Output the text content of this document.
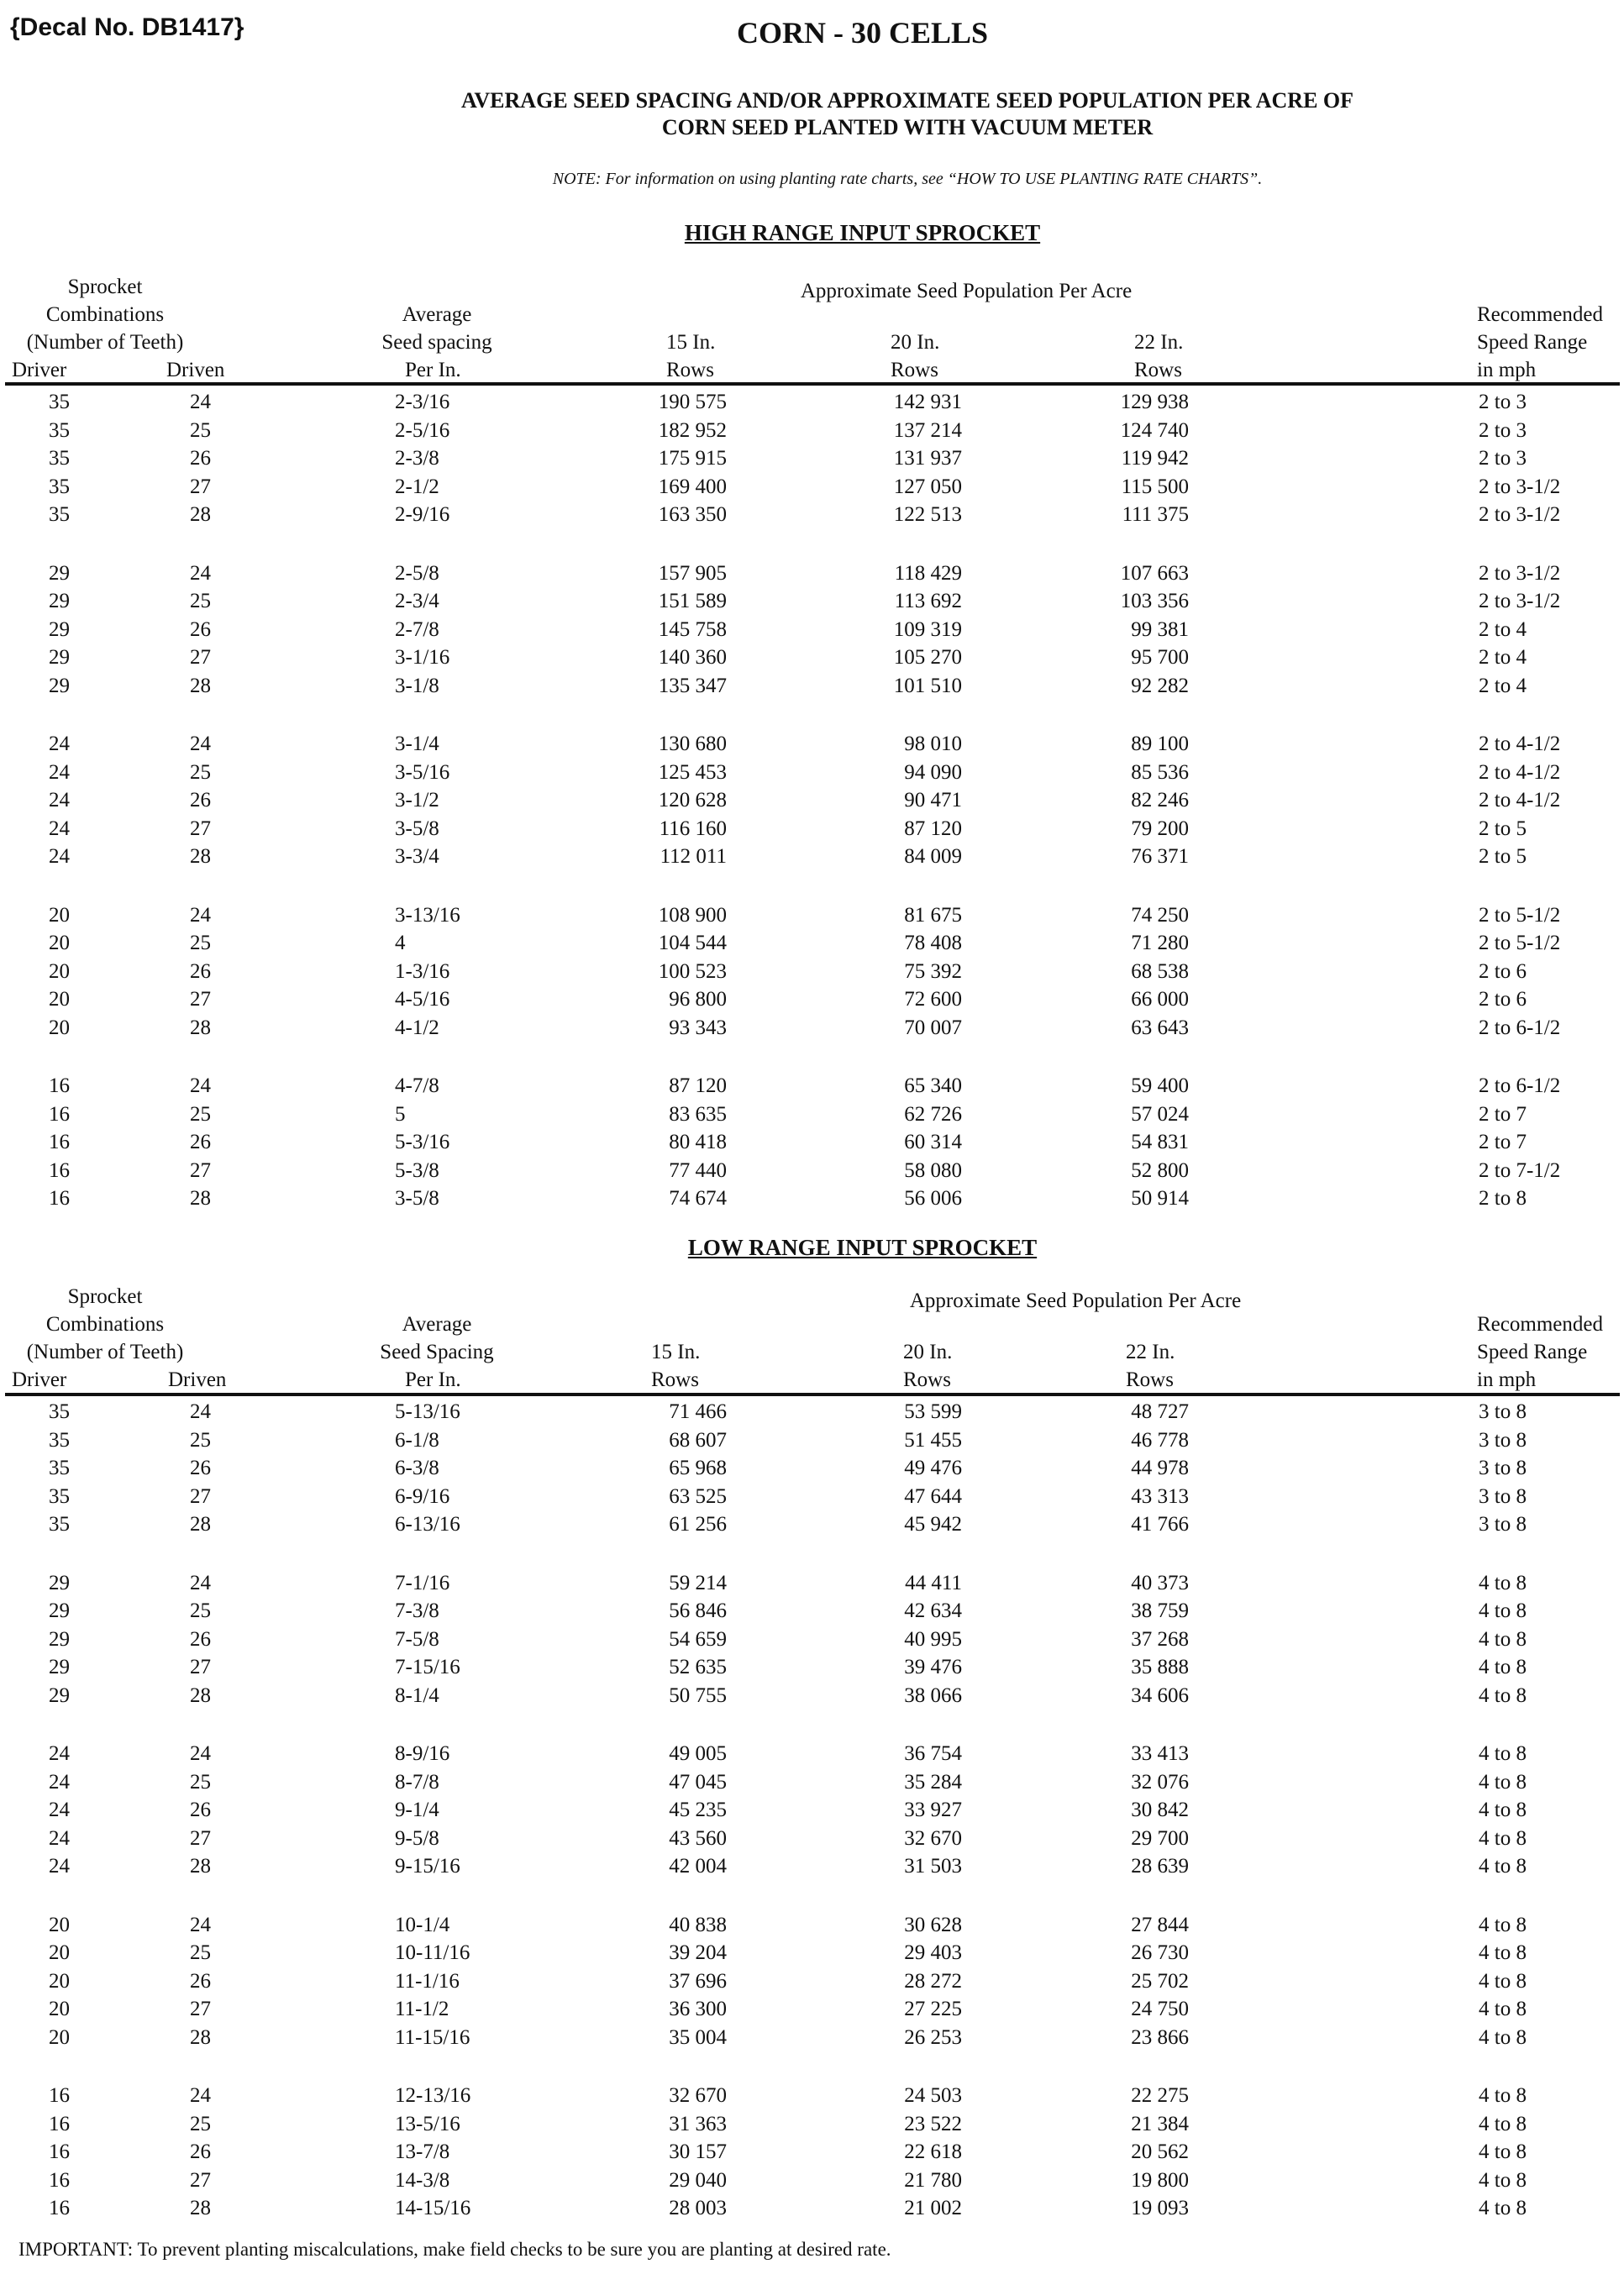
{Decal No. DB1417}	CORN - 30 CELLS
AVERAGE SEED SPACING AND/OR APPROXIMATE SEED POPULATION PER ACRE OF
CORN SEED PLANTED WITH VACUUM METER
NOTE: For information on using planting rate charts, see “HOW TO USE PLANTING RATE CHARTS”.
HIGH RANGE INPUT SPROCKET
Sprocket
Combinations
(Number of Teeth)
Driver	Driven
Average
Seed spacing
Per In.
Approximate Seed Population Per Acre
15 In.
Rows
20 In.
Rows
22 In.
Rows
Recommended
Speed Range
in mph
35	24	2-3/16	190 575	142 931	129 938	2 to 3
35	25	2-5/16	182 952	137 214	124 740	2 to 3
35	26	2-3/8	175 915	131 937	119 942	2 to 3
35	27	2-1/2	169 400	127 050	115 500	2 to 3-1/2
35	28	2-9/16	163 350	122 513	111 375	2 to 3-1/2
29	24	2-5/8	157 905	118 429	107 663	2 to 3-1/2
29	25	2-3/4	151 589	113 692	103 356	2 to 3-1/2
29	26	2-7/8	145 758	109 319	99 381	2 to 4
29	27	3-1/16	140 360	105 270	95 700	2 to 4
29	28	3-1/8	135 347	101 510	92 282	2 to 4
24	24	3-1/4	130 680	98 010	89 100	2 to 4-1/2
24	25	3-5/16	125 453	94 090	85 536	2 to 4-1/2
24	26	3-1/2	120 628	90 471	82 246	2 to 4-1/2
24	27	3-5/8	116 160	87 120	79 200	2 to 5
24	28	3-3/4	112 011	84 009	76 371	2 to 5
20	24	3-13/16	108 900	81 675	74 250	2 to 5-1/2
20	25	4	104 544	78 408	71 280	2 to 5-1/2
20	26	1-3/16	100 523	75 392	68 538	2 to 6
20	27	4-5/16	96 800	72 600	66 000	2 to 6
20	28	4-1/2	93 343	70 007	63 643	2 to 6-1/2
16	24	4-7/8	87 120	65 340	59 400	2 to 6-1/2
16	25	5	83 635	62 726	57 024	2 to 7
16	26	5-3/16	80 418	60 314	54 831	2 to 7
16	27	5-3/8	77 440	58 080	52 800	2 to 7-1/2
16	28	3-5/8	74 674	56 006	50 914	2 to 8
LOW RANGE INPUT SPROCKET
Sprocket
Combinations
(Number of Teeth)
Driver	Driven
Average
Seed Spacing
Per In.
Approximate Seed Population Per Acre
15 In.
Rows
20 In.
Rows
22 In.
Rows
Recommended
Speed Range
in mph
35	24	5-13/16	71 466	53 599	48 727	3 to 8
35	25	6-1/8	68 607	51 455	46 778	3 to 8
35	26	6-3/8	65 968	49 476	44 978	3 to 8
35	27	6-9/16	63 525	47 644	43 313	3 to 8
35	28	6-13/16	61 256	45 942	41 766	3 to 8
29	24	7-1/16	59 214	44 411	40 373	4 to 8
29	25	7-3/8	56 846	42 634	38 759	4 to 8
29	26	7-5/8	54 659	40 995	37 268	4 to 8
29	27	7-15/16	52 635	39 476	35 888	4 to 8
29	28	8-1/4	50 755	38 066	34 606	4 to 8
24	24	8-9/16	49 005	36 754	33 413	4 to 8
24	25	8-7/8	47 045	35 284	32 076	4 to 8
24	26	9-1/4	45 235	33 927	30 842	4 to 8
24	27	9-5/8	43 560	32 670	29 700	4 to 8
24	28	9-15/16	42 004	31 503	28 639	4 to 8
20	24	10-1/4	40 838	30 628	27 844	4 to 8
20	25	10-11/16	39 204	29 403	26 730	4 to 8
20	26	11-1/16	37 696	28 272	25 702	4 to 8
20	27	11-1/2	36 300	27 225	24 750	4 to 8
20	28	11-15/16	35 004	26 253	23 866	4 to 8
16	24	12-13/16	32 670	24 503	22 275	4 to 8
16	25	13-5/16	31 363	23 522	21 384	4 to 8
16	26	13-7/8	30 157	22 618	20 562	4 to 8
16	27	14-3/8	29 040	21 780	19 800	4 to 8
16	28	14-15/16	28 003	21 002	19 093	4 to 8
IMPORTANT: To prevent planting miscalculations, make field checks to be sure you are planting at desired rate.
